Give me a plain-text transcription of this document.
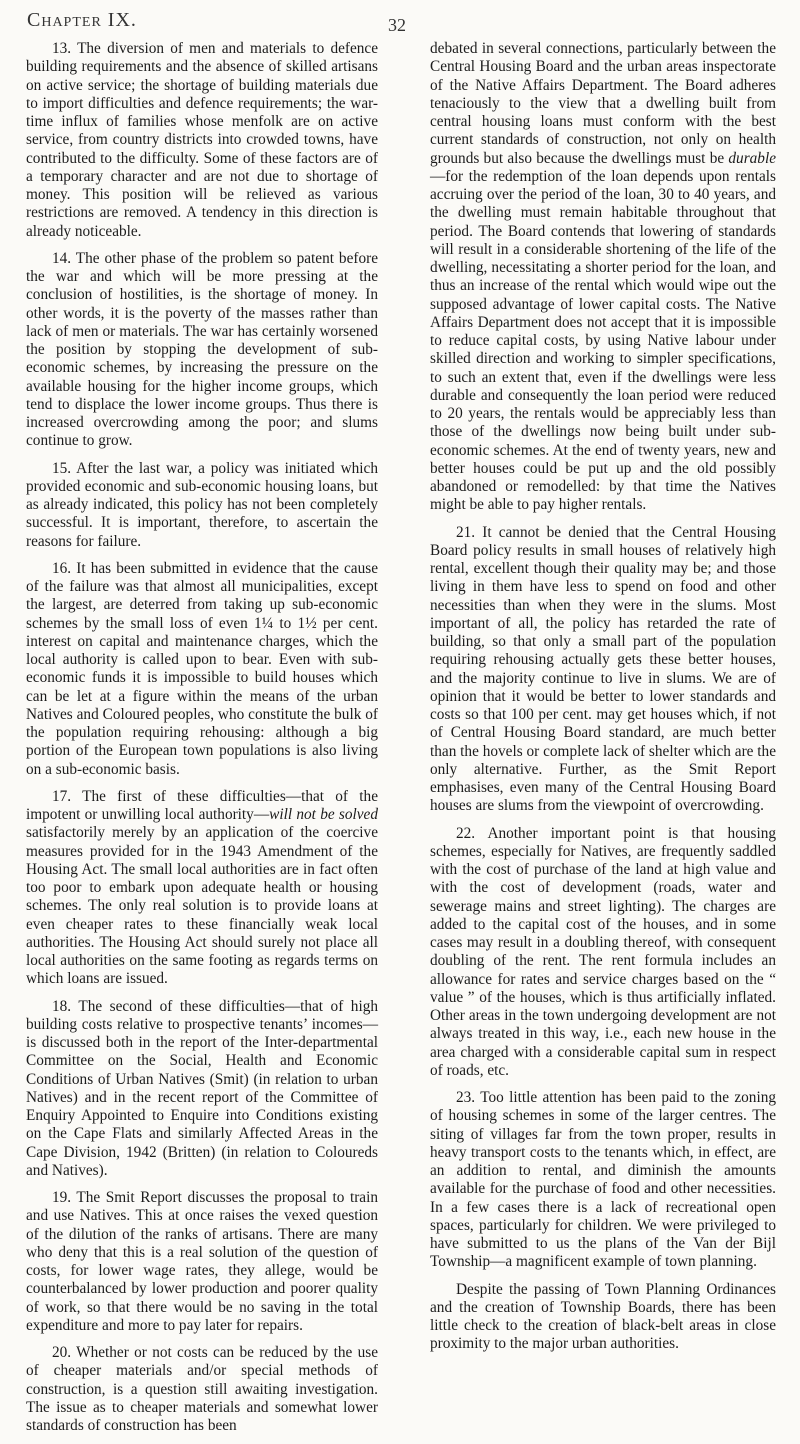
Chapter IX.	32

13. The diversion of men and materials to defence building requirements and the absence of skilled artisans on active service; the shortage of building materials due to import difficulties and defence requirements; the war-time influx of families whose menfolk are on active service, from country districts into crowded towns, have contributed to the difficulty. Some of these factors are of a temporary character and are not due to shortage of money. This position will be relieved as various restrictions are removed. A tendency in this direction is already noticeable.

14. The other phase of the problem so patent before the war and which will be more pressing at the conclusion of hostilities, is the shortage of money. In other words, it is the poverty of the masses rather than lack of men or materials. The war has certainly worsened the position by stopping the development of sub-economic schemes, by increasing the pressure on the available housing for the higher income groups, which tend to displace the lower income groups. Thus there is increased overcrowding among the poor; and slums continue to grow.

15. After the last war, a policy was initiated which provided economic and sub-economic housing loans, but as already indicated, this policy has not been completely successful. It is important, therefore, to ascertain the reasons for failure.

16. It has been submitted in evidence that the cause of the failure was that almost all municipalities, except the largest, are deterred from taking up sub-economic schemes by the small loss of even 1¼ to 1½ per cent. interest on capital and maintenance charges, which the local authority is called upon to bear. Even with sub-economic funds it is impossible to build houses which can be let at a figure within the means of the urban Natives and Coloured peoples, who constitute the bulk of the population requiring rehousing: although a big portion of the European town populations is also living on a sub-economic basis.

17. The first of these difficulties—that of the impotent or unwilling local authority—will not be solved satisfactorily merely by an application of the coercive measures provided for in the 1943 Amendment of the Housing Act. The small local authorities are in fact often too poor to embark upon adequate health or housing schemes. The only real solution is to provide loans at even cheaper rates to these financially weak local authorities. The Housing Act should surely not place all local authorities on the same footing as regards terms on which loans are issued.

18. The second of these difficulties—that of high building costs relative to prospective tenants’ incomes—is discussed both in the report of the Inter-departmental Committee on the Social, Health and Economic Conditions of Urban Natives (Smit) (in relation to urban Natives) and in the recent report of the Committee of Enquiry Appointed to Enquire into Conditions existing on the Cape Flats and similarly Affected Areas in the Cape Division, 1942 (Britten) (in relation to Coloureds and Natives).

19. The Smit Report discusses the proposal to train and use Natives. This at once raises the vexed question of the dilution of the ranks of artisans. There are many who deny that this is a real solution of the question of costs, for lower wage rates, they allege, would be counterbalanced by lower production and poorer quality of work, so that there would be no saving in the total expenditure and more to pay later for repairs.

20. Whether or not costs can be reduced by the use of cheaper materials and/or special methods of construction, is a question still awaiting investigation. The issue as to cheaper materials and somewhat lower standards of construction has been

debated in several connections, particularly between the Central Housing Board and the urban areas inspectorate of the Native Affairs Department. The Board adheres tenaciously to the view that a dwelling built from central housing loans must conform with the best current standards of construction, not only on health grounds but also because the dwellings must be durable—for the redemption of the loan depends upon rentals accruing over the period of the loan, 30 to 40 years, and the dwelling must remain habitable throughout that period. The Board contends that lowering of standards will result in a considerable shortening of the life of the dwelling, necessitating a shorter period for the loan, and thus an increase of the rental which would wipe out the supposed advantage of lower capital costs. The Native Affairs Department does not accept that it is impossible to reduce capital costs, by using Native labour under skilled direction and working to simpler specifications, to such an extent that, even if the dwellings were less durable and consequently the loan period were reduced to 20 years, the rentals would be appreciably less than those of the dwellings now being built under sub-economic schemes. At the end of twenty years, new and better houses could be put up and the old possibly abandoned or remodelled: by that time the Natives might be able to pay higher rentals.

21. It cannot be denied that the Central Housing Board policy results in small houses of relatively high rental, excellent though their quality may be; and those living in them have less to spend on food and other necessities than when they were in the slums. Most important of all, the policy has retarded the rate of building, so that only a small part of the population requiring rehousing actually gets these better houses, and the majority continue to live in slums. We are of opinion that it would be better to lower standards and costs so that 100 per cent. may get houses which, if not of Central Housing Board standard, are much better than the hovels or complete lack of shelter which are the only alternative. Further, as the Smit Report emphasises, even many of the Central Housing Board houses are slums from the viewpoint of overcrowding.

22. Another important point is that housing schemes, especially for Natives, are frequently saddled with the cost of purchase of the land at high value and with the cost of development (roads, water and sewerage mains and street lighting). The charges are added to the capital cost of the houses, and in some cases may result in a doubling thereof, with consequent doubling of the rent. The rent formula includes an allowance for rates and service charges based on the “ value ” of the houses, which is thus artificially inflated. Other areas in the town undergoing development are not always treated in this way, i.e., each new house in the area charged with a considerable capital sum in respect of roads, etc.

23. Too little attention has been paid to the zoning of housing schemes in some of the larger centres. The siting of villages far from the town proper, results in heavy transport costs to the tenants which, in effect, are an addition to rental, and diminish the amounts available for the purchase of food and other necessities. In a few cases there is a lack of recreational open spaces, particularly for children. We were privileged to have submitted to us the plans of the Van der Bijl Township—a magnificent example of town planning.

Despite the passing of Town Planning Ordinances and the creation of Township Boards, there has been little check to the creation of black-belt areas in close proximity to the major urban authorities.
